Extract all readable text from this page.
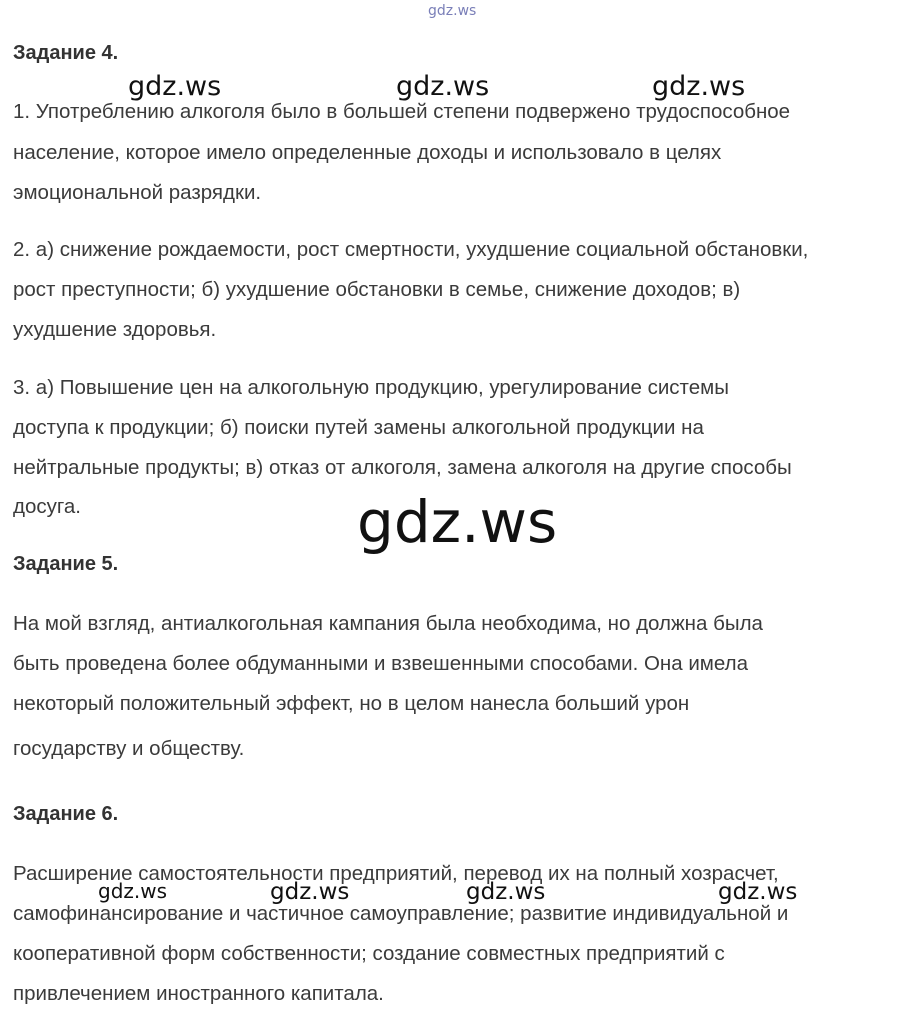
gdz.ws
Задание 4.
gdz.ws	gdz.ws	gdz.ws
1. Употреблению алкоголя было в большей степени подвержено трудоспособное
население, которое имело определенные доходы и использовало в целях
эмоциональной разрядки.
2. а) снижение рождаемости, рост смертности, ухудшение социальной обстановки,
рост преступности; б) ухудшение обстановки в семье, снижение доходов; в)
ухудшение здоровья.
3. а) Повышение цен на алкогольную продукцию, урегулирование системы
доступа к продукции; б) поиски путей замены алкогольной продукции на
нейтральные продукты; в) отказ от алкоголя, замена алкоголя на другие способы
досуга.	gdz.ws
Задание 5.
На мой взгляд, антиалкогольная кампания была необходима, но должна была
быть проведена более обдуманными и взвешенными способами. Она имела
некоторый положительный эффект, но в целом нанесла больший урон
государству и обществу.
Задание 6.
Расширение самостоятельности предприятий, перевод их на полный хозрасчет,
самофинансирование и частичное самоуправление; развитие индивидуальной и
кооперативной форм собственности; создание совместных предприятий с
привлечением иностранного капитала.
gdz.ws	gdz.ws	gdz.ws	gdz.ws
